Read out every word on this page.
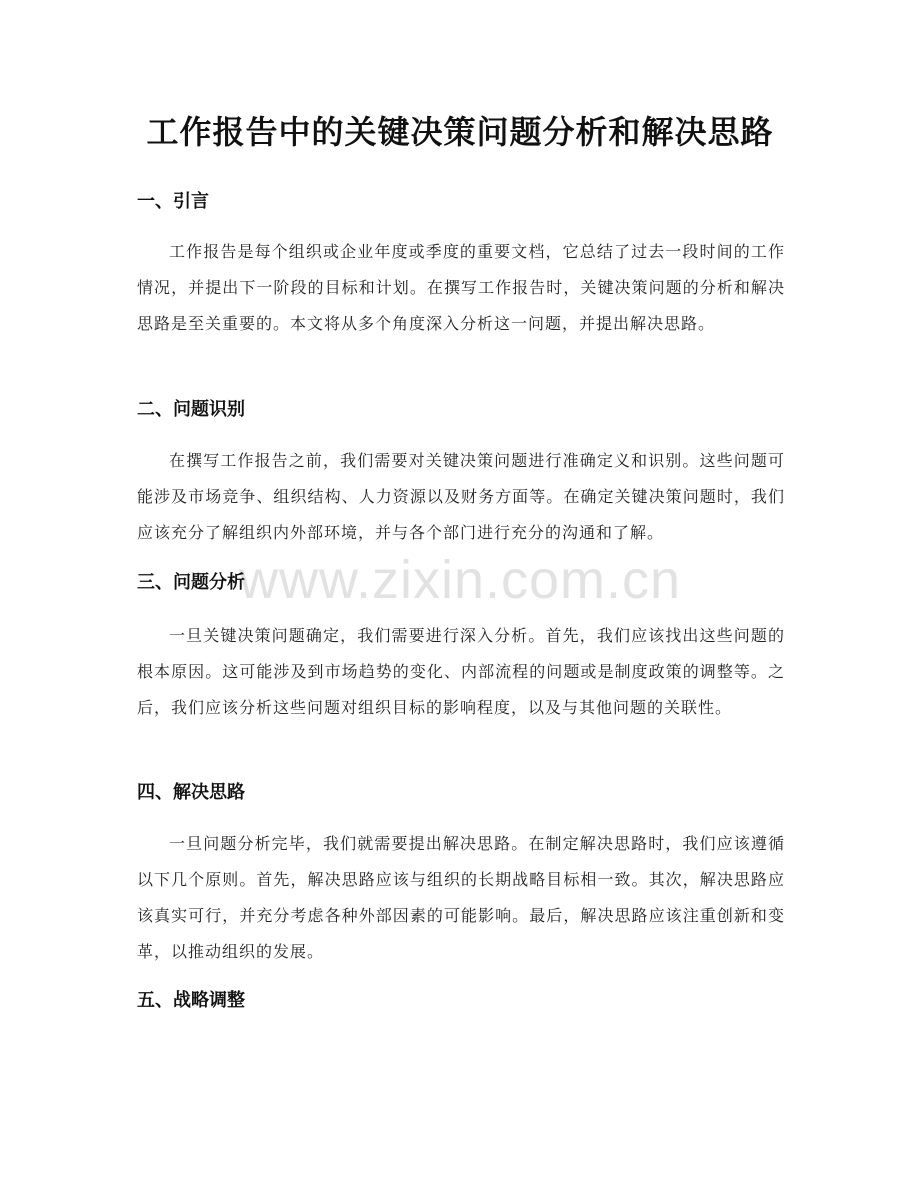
www.zixin.com.cn
工作报告中的关键决策问题分析和解决思路
一、引言
工作报告是每个组织或企业年度或季度的重要文档，它总结了过去一段时间的工作情况，并提出下一阶段的目标和计划。在撰写工作报告时，关键决策问题的分析和解决思路是至关重要的。本文将从多个角度深入分析这一问题，并提出解决思路。
二、问题识别
在撰写工作报告之前，我们需要对关键决策问题进行准确定义和识别。这些问题可能涉及市场竞争、组织结构、人力资源以及财务方面等。在确定关键决策问题时，我们应该充分了解组织内外部环境，并与各个部门进行充分的沟通和了解。
三、问题分析
一旦关键决策问题确定，我们需要进行深入分析。首先，我们应该找出这些问题的根本原因。这可能涉及到市场趋势的变化、内部流程的问题或是制度政策的调整等。之后，我们应该分析这些问题对组织目标的影响程度，以及与其他问题的关联性。
四、解决思路
一旦问题分析完毕，我们就需要提出解决思路。在制定解决思路时，我们应该遵循以下几个原则。首先，解决思路应该与组织的长期战略目标相一致。其次，解决思路应该真实可行，并充分考虑各种外部因素的可能影响。最后，解决思路应该注重创新和变革，以推动组织的发展。
五、战略调整
